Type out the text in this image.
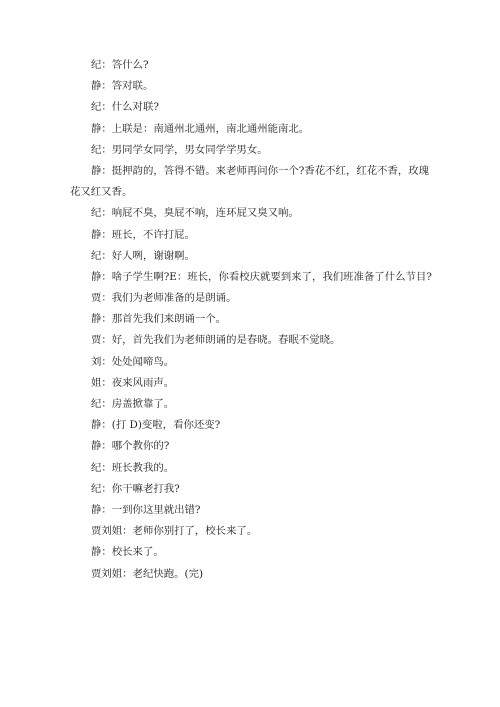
纪：答什么?
静：答对联。
纪：什么对联?
静：上联是：南通州北通州，南北通州能南北。
纪：男同学女同学，男女同学学男女。
静：挺押韵的，答得不错。来老师再问你一个?香花不红，红花不香，玫瑰
花又红又香。
纪：响屁不臭，臭屁不响，连环屁又臭又响。
静：班长，不许打屁。
纪：好人咧，谢谢啊。
静：啥子学生啊?E：班长，你看校庆就要到来了，我们班准备了什么节目?
贾：我们为老师准备的是朗诵。
静：那首先我们来朗诵一个。
贾：好，首先我们为老师朗诵的是春晓。春眠不觉晓。
刘：处处闻啼鸟。
姐：夜来风雨声。
纪：房盖掀靠了。
静：(打 D)变啦，看你还变?
静：哪个教你的?
纪：班长教我的。
纪：你干嘛老打我?
静：一到你这里就出错?
贾刘姐：老师你别打了，校长来了。
静：校长来了。
贾刘姐：老纪快跑。(完)
